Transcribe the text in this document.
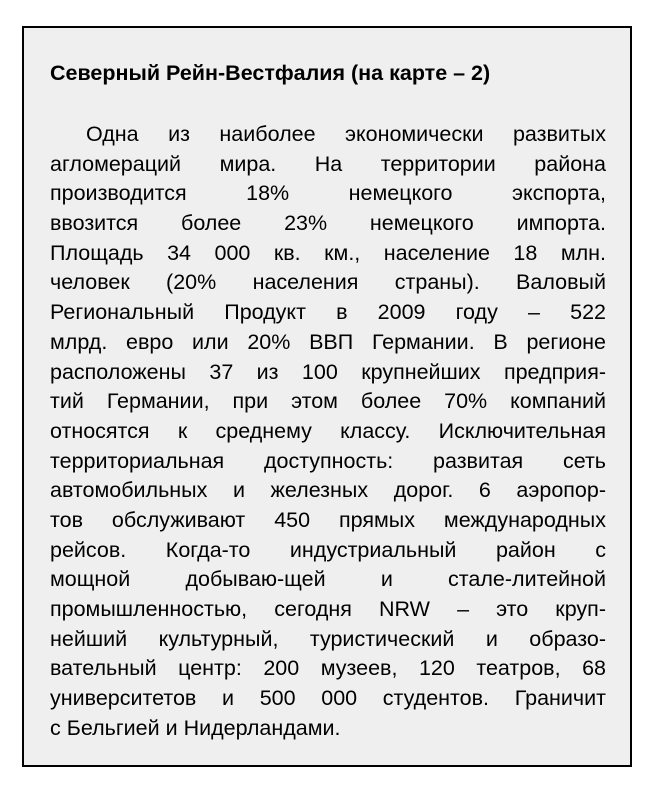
Северный Рейн-Вестфалия (на карте – 2)
Одна из наиболее экономически развитых
агломераций мира. На территории района
производится 18% немецкого экспорта,
ввозится более 23% немецкого импорта.
Площадь 34 000 кв. км., население 18 млн.
человек (20% населения страны). Валовый
Региональный Продукт в 2009 году – 522
млрд. евро или 20% ВВП Германии. В регионе
расположены 37 из 100 крупнейших предприя-
тий Германии, при этом более 70% компаний
относятся к среднему классу. Исключительная
территориальная доступность: развитая сеть
автомобильных и железных дорог. 6 аэропор-
тов обслуживают 450 прямых международных
рейсов. Когда-то индустриальный район с
мощной добываю-щей и стале-литейной
промышленностью, сегодня NRW – это круп-
нейший культурный, туристический и образо-
вательный центр: 200 музеев, 120 театров, 68
университетов и 500 000 студентов. Граничит
с Бельгией и Нидерландами.
